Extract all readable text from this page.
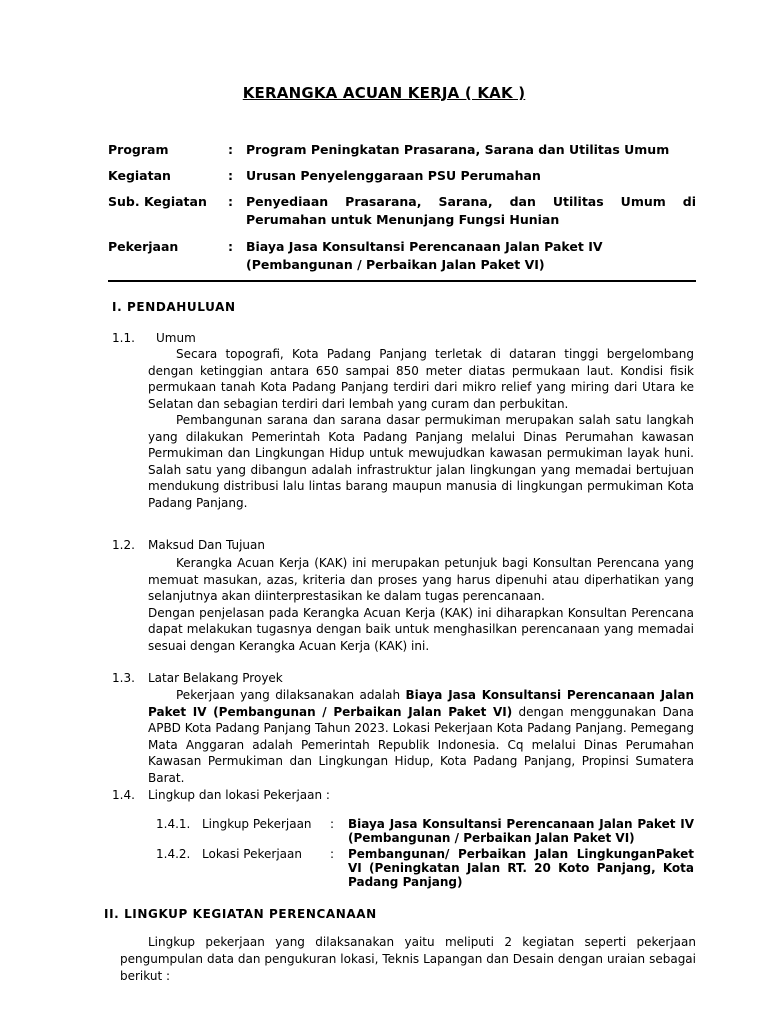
KERANGKA ACUAN KERJA ( KAK )
Program	: Program Peningkatan Prasarana, Sarana dan Utilitas Umum
Kegiatan	: Urusan Penyelenggaraan PSU Perumahan
Sub. Kegiatan	: Penyediaan Prasarana, Sarana, dan Utilitas Umum di Perumahan untuk Menunjang Fungsi Hunian
Pekerjaan	: Biaya Jasa Konsultansi Perencanaan Jalan Paket IV
(Pembangunan / Perbaikan Jalan Paket VI)
I. PENDAHULUAN
1.1. Umum

Secara topografi, Kota Padang Panjang terletak di dataran tinggi bergelombang dengan ketinggian antara 650 sampai 850 meter diatas permukaan laut. Kondisi fisik permukaan tanah Kota Padang Panjang terdiri dari mikro relief yang miring dari Utara ke Selatan dan sebagian terdiri dari lembah yang curam dan perbukitan.

Pembangunan sarana dan sarana dasar permukiman merupakan salah satu langkah yang dilakukan Pemerintah Kota Padang Panjang melalui Dinas Perumahan kawasan Permukiman dan Lingkungan Hidup untuk mewujudkan kawasan permukiman layak huni. Salah satu yang dibangun adalah infrastruktur jalan lingkungan yang memadai bertujuan mendukung distribusi lalu lintas barang maupun manusia di lingkungan permukiman Kota Padang Panjang.

1.2. Maksud Dan Tujuan

Kerangka Acuan Kerja (KAK) ini merupakan petunjuk bagi Konsultan Perencana yang memuat masukan, azas, kriteria dan proses yang harus dipenuhi atau diperhatikan yang selanjutnya akan diinterprestasikan ke dalam tugas perencanaan.

Dengan penjelasan pada Kerangka Acuan Kerja (KAK) ini diharapkan Konsultan Perencana dapat melakukan tugasnya dengan baik untuk menghasilkan perencanaan yang memadai sesuai dengan Kerangka Acuan Kerja (KAK) ini.

1.3. Latar Belakang Proyek

Pekerjaan yang dilaksanakan adalah Biaya Jasa Konsultansi Perencanaan Jalan Paket IV (Pembangunan / Perbaikan Jalan Paket VI) dengan menggunakan Dana APBD Kota Padang Panjang Tahun 2023. Lokasi Pekerjaan Kota Padang Panjang. Pemegang Mata Anggaran adalah Pemerintah Republik Indonesia. Cq melalui Dinas Perumahan Kawasan Permukiman dan Lingkungan Hidup, Kota Padang Panjang, Propinsi Sumatera Barat.

1.4. Lingkup dan lokasi Pekerjaan :
1.4.1. Lingkup Pekerjaan : Biaya Jasa Konsultansi Perencanaan Jalan Paket IV (Pembangunan / Perbaikan Jalan Paket VI)
1.4.2. Lokasi Pekerjaan : Pembangunan/ Perbaikan Jalan LingkunganPaket VI (Peningkatan Jalan RT. 20 Koto Panjang, Kota Padang Panjang)
II. LINGKUP KEGIATAN PERENCANAAN

Lingkup pekerjaan yang dilaksanakan yaitu meliputi 2 kegiatan seperti pekerjaan pengumpulan data dan pengukuran lokasi, Teknis Lapangan dan Desain dengan uraian sebagai berikut :
